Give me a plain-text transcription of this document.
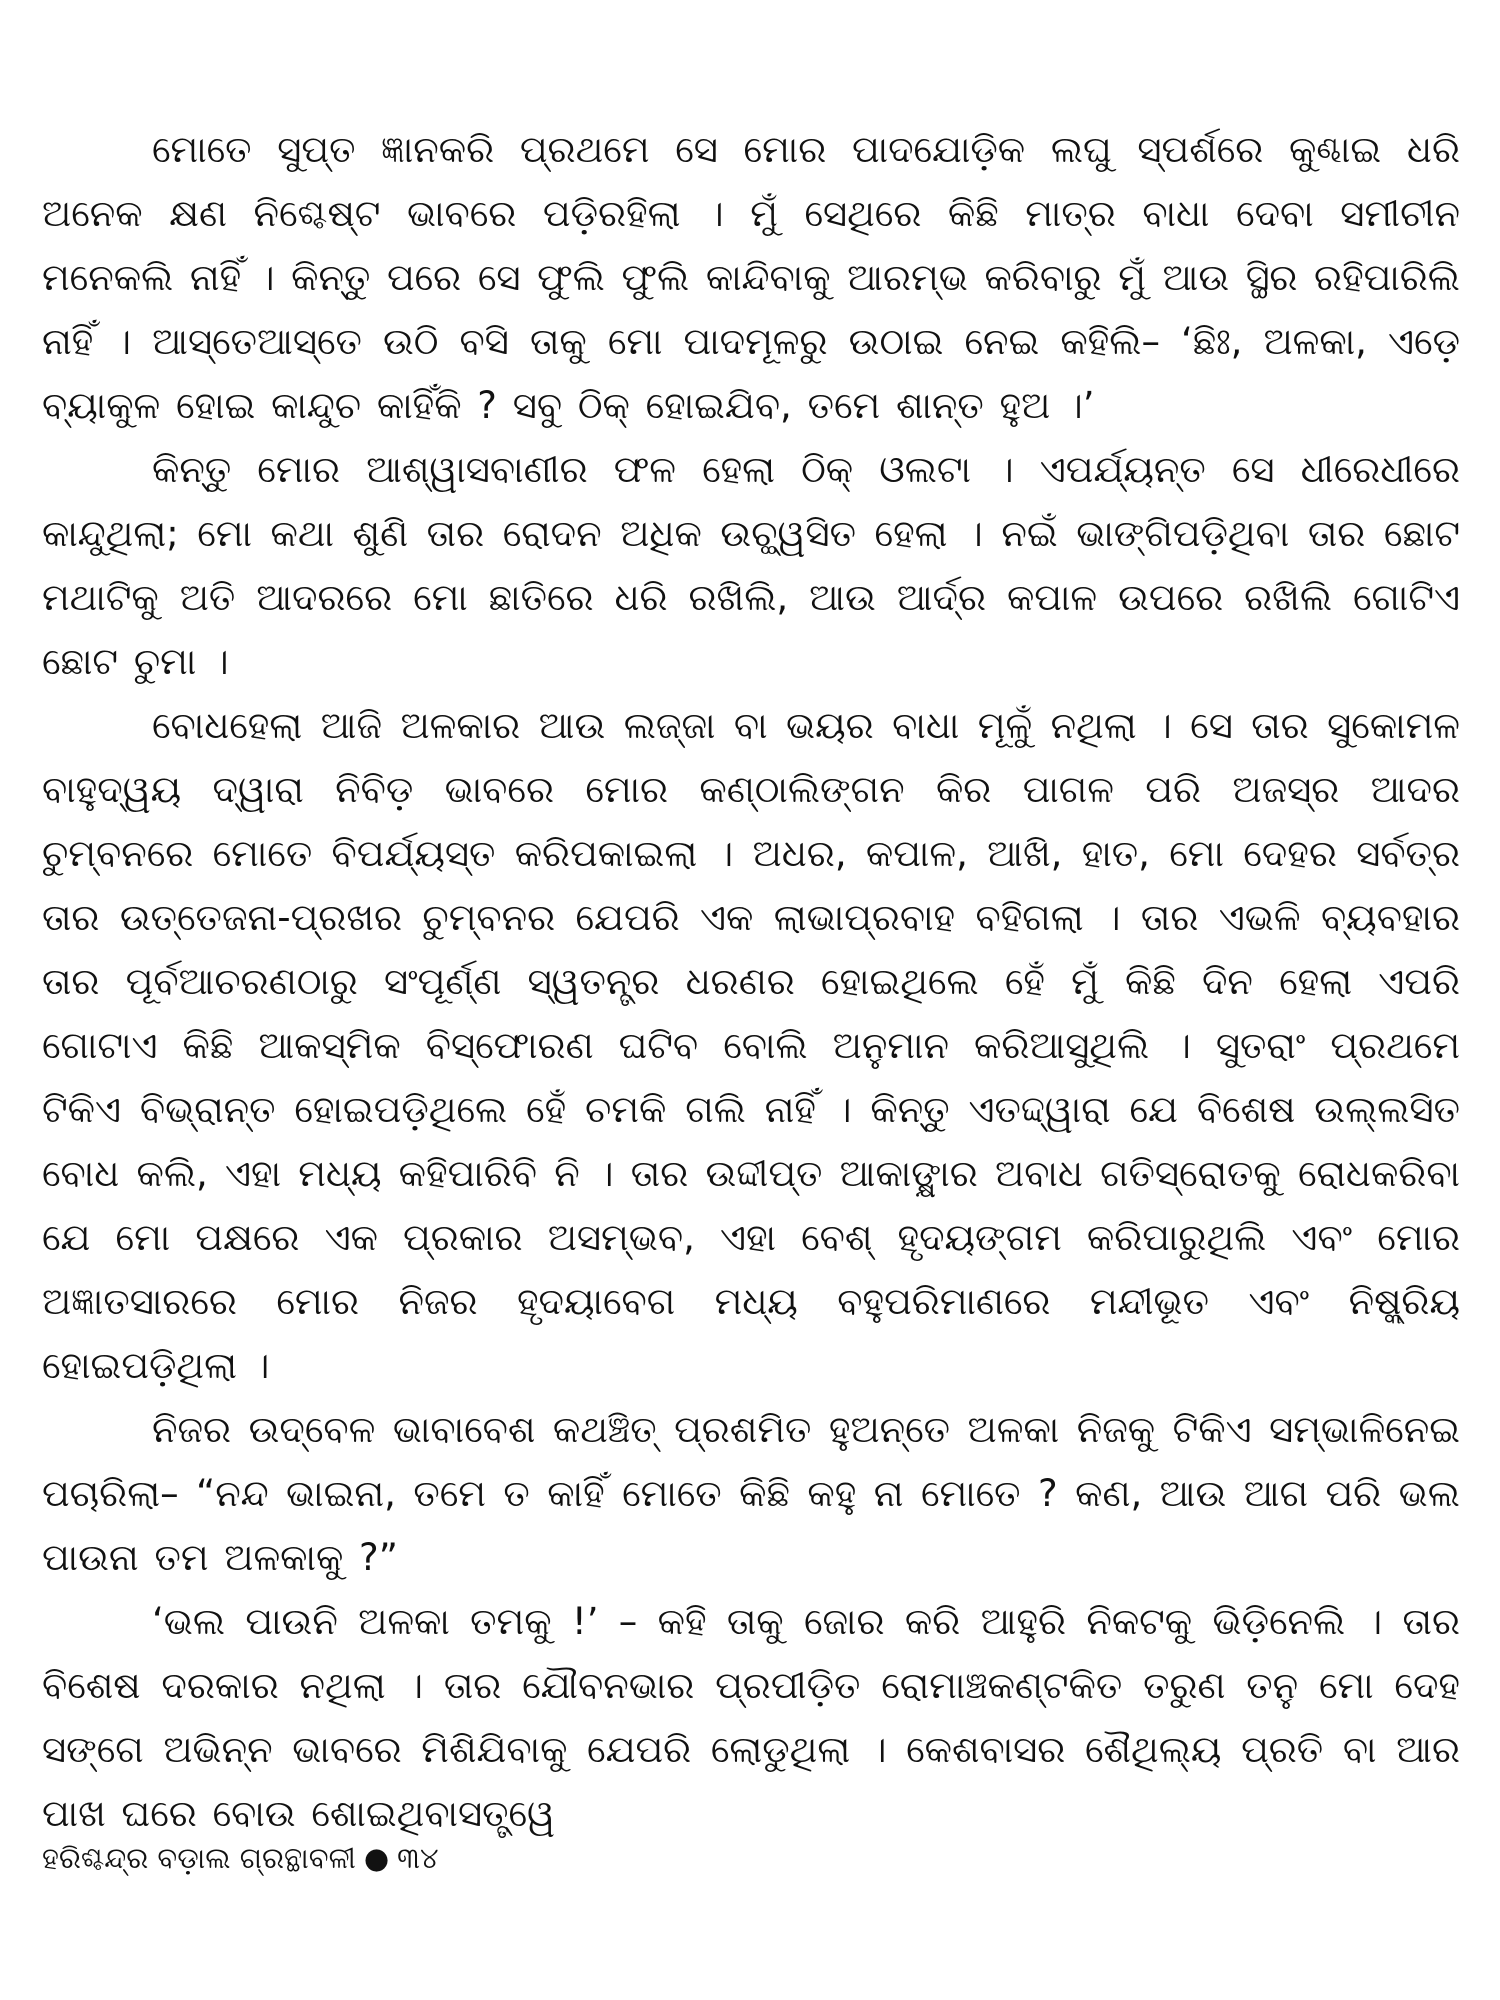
ମୋତେ ସୁପ୍ତ ଜ୍ଞାନକରି ପ୍ରଥମେ ସେ ମୋର ପାଦଯୋଡ଼ିକ ଲଘୁ ସ୍ପର୍ଶରେ କୁଣ୍ଢାଇ ଧରି ଅନେକ କ୍ଷଣ ନିଶ୍ଚେଷ୍ଟ ଭାବରେ ପଡ଼ିରହିଲା । ମୁଁ ସେଥିରେ କିଛି ମାତ୍ର ବାଧା ଦେବା ସମୀଚୀନ ମନେକଲି ନାହିଁ । କିନ୍ତୁ ପରେ ସେ ଫୁଲି ଫୁଲି କାନ୍ଦିବାକୁ ଆରମ୍ଭ କରିବାରୁ ମୁଁ ଆଉ ସ୍ଥିର ରହିପାରିଲି ନାହିଁ । ଆସ୍ତେଆସ୍ତେ ଉଠି ବସି ତାକୁ ମୋ ପାଦମୂଳରୁ ଉଠାଇ ନେଇ କହିଲି– ‘ଛିଃ, ଅଳକା, ଏଡ଼େ ବ୍ୟାକୁଳ ହୋଇ କାନ୍ଦୁଚ କାହିଁକି ? ସବୁ ଠିକ୍ ହୋଇଯିବ, ତମେ ଶାନ୍ତ ହୁଅ ।’

କିନ୍ତୁ ମୋର ଆଶ୍ୱାସବାଣୀର ଫଳ ହେଲା ଠିକ୍ ଓଲଟା । ଏପର୍ଯ୍ୟନ୍ତ ସେ ଧୀରେଧୀରେ କାନ୍ଦୁଥିଲା; ମୋ କଥା ଶୁଣି ତାର ରୋଦନ ଅଧିକ ଉଚ୍ଛ୍ୱସିତ ହେଲା । ନଇଁ ଭାଙ୍ଗିପଡ଼ିଥିବା ତାର ଛୋଟ ମଥାଟିକୁ ଅତି ଆଦରରେ ମୋ ଛାତିରେ ଧରି ରଖିଲି, ଆଉ ଆର୍ଦ୍ର କପାଳ ଉପରେ ରଖିଲି ଗୋଟିଏ ଛୋଟ ଚୁମା ।

ବୋଧହେଲା ଆଜି ଅଳକାର ଆଉ ଲଜ୍ଜା ବା ଭୟର ବାଧା ମୂଳୁଁ ନଥିଲା । ସେ ତାର ସୁକୋମଳ ବାହୁଦ୍ୱୟ ଦ୍ୱାରା ନିବିଡ଼ ଭାବରେ ମୋର କଣ୍ଠାଲିଙ୍ଗନ କିର ପାଗଳ ପରି ଅଜସ୍ର ଆଦର ଚୁମ୍ବନରେ ମୋତେ ବିପର୍ଯ୍ୟସ୍ତ କରିପକାଇଲା । ଅଧର, କପାଳ, ଆଖି, ହାତ, ମୋ ଦେହର ସର୍ବତ୍ର ତାର ଉତ୍ତେଜନା-ପ୍ରଖର ଚୁମ୍ବନର ଯେପରି ଏକ ଲାଭାପ୍ରବାହ ବହିଗଲା । ତାର ଏଭଳି ବ୍ୟବହାର ତାର ପୂର୍ବଆଚରଣଠାରୁ ସଂପୂର୍ଣ୍ଣ ସ୍ୱତନ୍ତ୍ର ଧରଣର ହୋଇଥିଲେ ହେଁ ମୁଁ କିଛି ଦିନ ହେଲା ଏପରି ଗୋଟାଏ କିଛି ଆକସ୍ମିକ ବିସ୍ଫୋରଣ ଘଟିବ ବୋଲି ଅନୁମାନ କରିଆସୁଥିଲି । ସୁତରାଂ ପ୍ରଥମେ ଟିକିଏ ବିଭ୍ରାନ୍ତ ହୋଇପଡ଼ିଥିଲେ ହେଁ ଚମକି ଗଲି ନାହିଁ । କିନ୍ତୁ ଏତଦ୍ଦ୍ୱାରା ଯେ ବିଶେଷ ଉଲ୍ଲସିତ ବୋଧ କଲି, ଏହା ମଧ୍ୟ କହିପାରିବି ନି । ତାର ଉଦ୍ଦୀପ୍ତ ଆକାଙ୍କ୍ଷାର ଅବାଧ ଗତିସ୍ରୋତକୁ ରୋଧକରିବା ଯେ ମୋ ପକ୍ଷରେ ଏକ ପ୍ରକାର ଅସମ୍ଭବ, ଏହା ବେଶ୍ ହୃଦୟଙ୍ଗମ କରିପାରୁଥିଲି ଏବଂ ମୋର ଅଜ୍ଞାତସାରରେ ମୋର ନିଜର ହୃଦୟାବେଗ ମଧ୍ୟ ବହୁପରିମାଣରେ ମନ୍ଦୀଭୂତ ଏବଂ ନିଷ୍କ୍ରିୟ ହୋଇପଡ଼ିଥିଲା ।

ନିଜର ଉଦ୍‌ବେଳ ଭାବାବେଶ କଥଞ୍ଚିତ୍ ପ୍ରଶମିତ ହୁଅନ୍ତେ ଅଳକା ନିଜକୁ ଟିକିଏ ସମ୍ଭାଳିନେଇ ପଚାରିଲା– “ନନ୍ଦ ଭାଇନା, ତମେ ତ କାହିଁ ମୋତେ କିଛି କହୁ ନା ମୋତେ ? କଣ, ଆଉ ଆଗ ପରି ଭଲ ପାଉନା ତମ ଅଳକାକୁ ?”

‘ଭଲ ପାଉନି ଅଳକା ତମକୁ !’ – କହି ତାକୁ ଜୋର କରି ଆହୁରି ନିକଟକୁ ଭିଡ଼ିନେଲି । ତାର ବିଶେଷ ଦରକାର ନଥିଲା । ତାର ଯୌବନଭାର ପ୍ରପୀଡ଼ିତ ରୋମାଞ୍ଚକଣ୍ଟକିତ ତରୁଣ ତନୁ ମୋ ଦେହ ସଙ୍ଗେ ଅଭିନ୍ନ ଭାବରେ ମିଶିଯିବାକୁ ଯେପରି ଲୋଡୁଥିଲା । କେଶବାସର ଶୈଥିଲ୍ୟ ପ୍ରତି ବା ଆର ପାଖ ଘରେ ବୋଉ ଶୋଇଥିବାସତ୍ତ୍ୱେ

ହରିଶ୍ଚନ୍ଦ୍ର ବଡ଼ାଲ ଗ୍ରନ୍ଥାବଳୀ ● ୩୪
